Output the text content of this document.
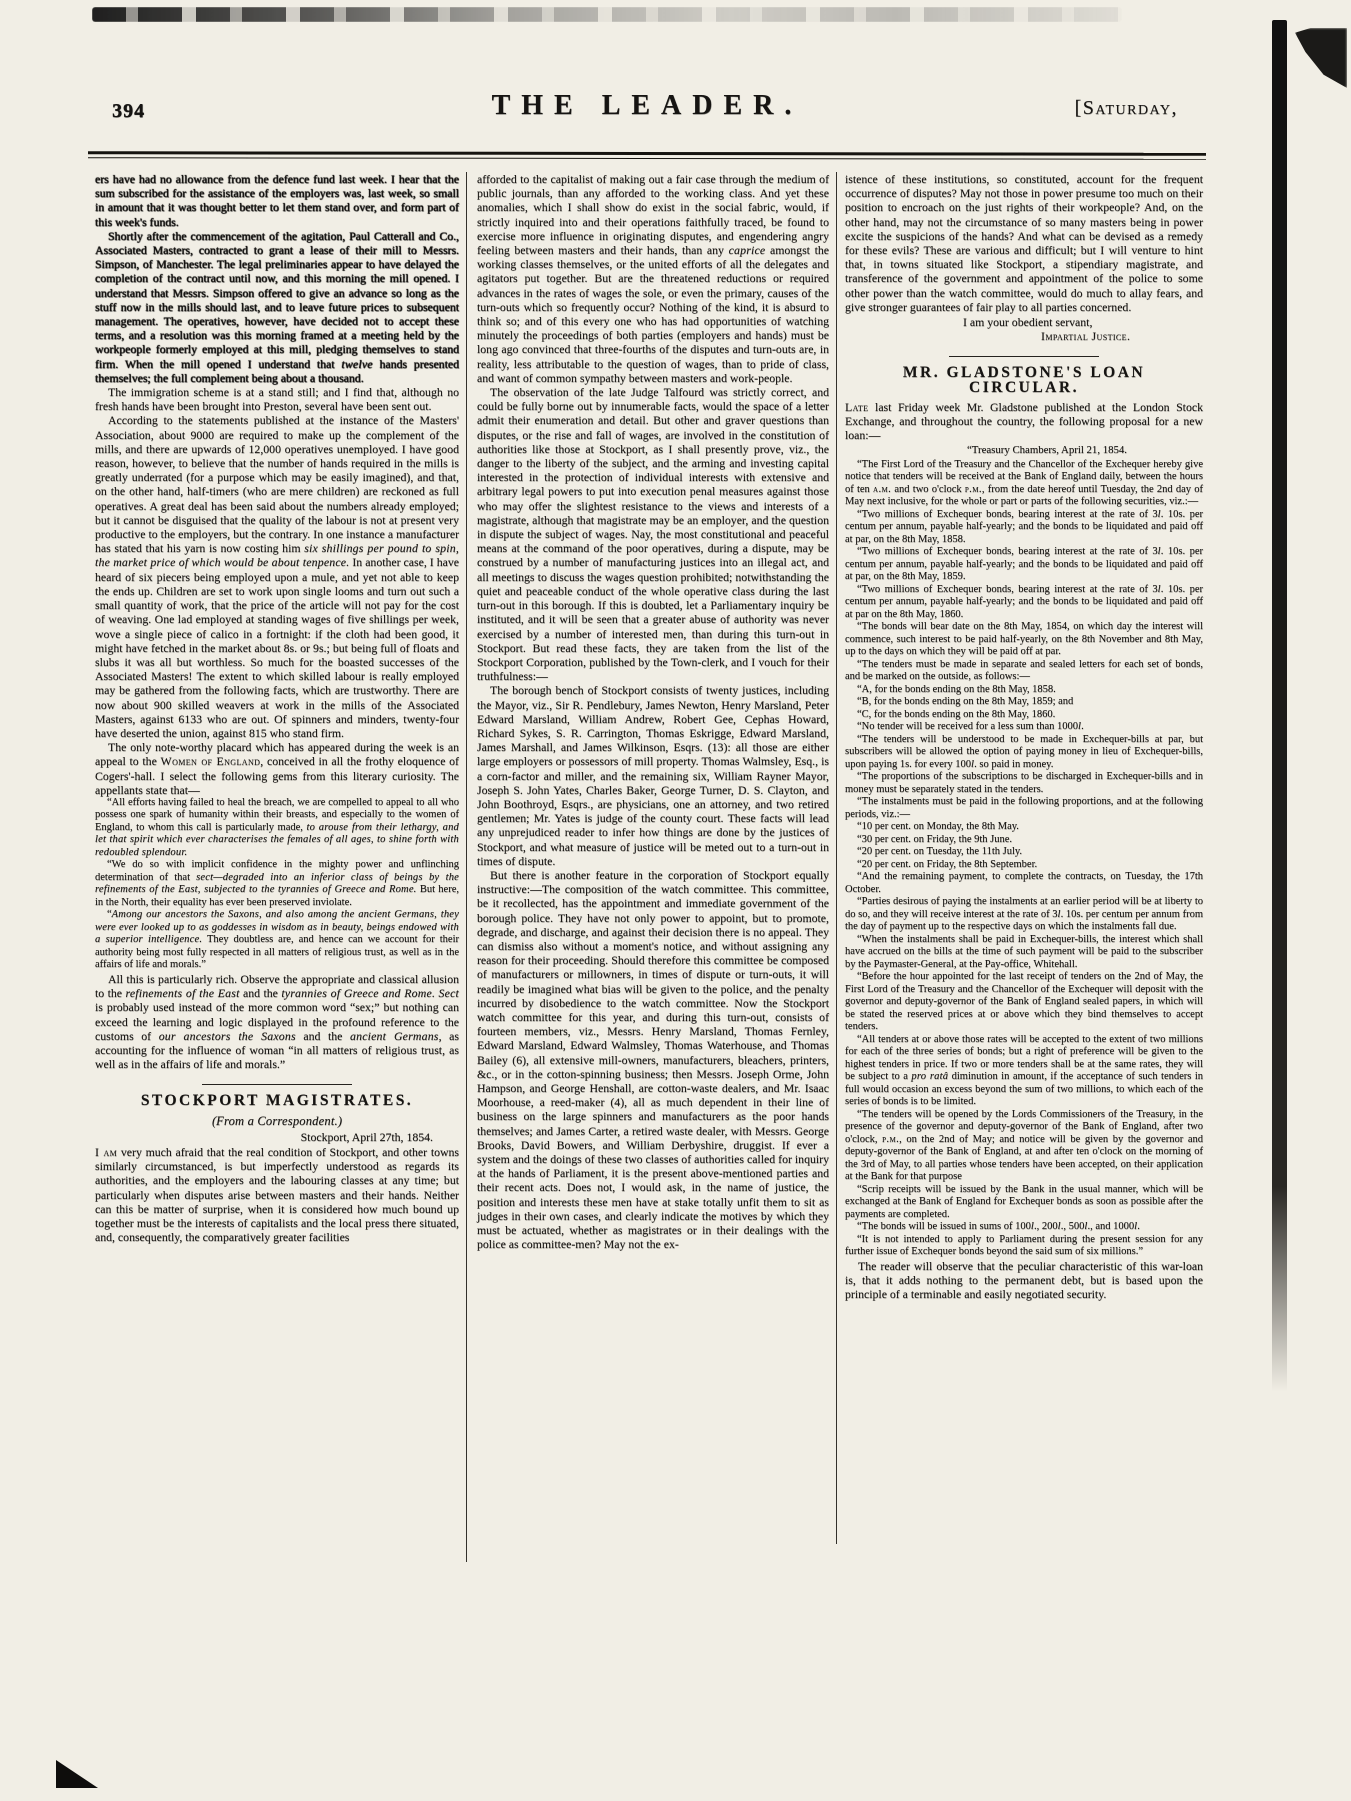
394	THE LEADER.	[Saturday,
ers have had no allowance from the defence fund last week. I hear that the sum subscribed for the assistance of the employers was, last week, so small in amount that it was thought better to let them stand over, and form part of this week's funds.
Shortly after the commencement of the agitation, Paul Catterall and Co., Associated Masters, contracted to grant a lease of their mill to Messrs. Simpson, of Manchester. The legal preliminaries appear to have delayed the completion of the contract until now, and this morning the mill opened. I understand that Messrs. Simpson offered to give an advance so long as the stuff now in the mills should last, and to leave future prices to subsequent management. The operatives, however, have decided not to accept these terms, and a resolution was this morning framed at a meeting held by the workpeople formerly employed at this mill, pledging themselves to stand firm. When the mill opened I understand that twelve hands presented themselves; the full complement being about a thousand.
The immigration scheme is at a stand still; and I find that, although no fresh hands have been brought into Preston, several have been sent out.
According to the statements published at the instance of the Masters' Association, about 9000 are required to make up the complement of the mills, and there are upwards of 12,000 operatives unemployed. I have good reason, however, to believe that the number of hands required in the mills is greatly underrated (for a purpose which may be easily imagined), and that, on the other hand, half-timers (who are mere children) are reckoned as full operatives. A great deal has been said about the numbers already employed; but it cannot be disguised that the quality of the labour is not at present very productive to the employers, but the contrary. In one instance a manufacturer has stated that his yarn is now costing him six shillings per pound to spin, the market price of which would be about tenpence. In another case, I have heard of six piecers being employed upon a mule, and yet not able to keep the ends up. Children are set to work upon single looms and turn out such a small quantity of work, that the price of the article will not pay for the cost of weaving. One lad employed at standing wages of five shillings per week, wove a single piece of calico in a fortnight: if the cloth had been good, it might have fetched in the market about 8s. or 9s.; but being full of floats and slubs it was all but worthless. So much for the boasted successes of the Associated Masters! The extent to which skilled labour is really employed may be gathered from the following facts, which are trustworthy. There are now about 900 skilled weavers at work in the mills of the Associated Masters, against 6133 who are out. Of spinners and minders, twenty-four have deserted the union, against 815 who stand firm.
The only note-worthy placard which has appeared during the week is an appeal to the Women of England, conceived in all the frothy eloquence of Cogers'-hall. I select the following gems from this literary curiosity. The appellants state that—
“All efforts having failed to heal the breach, we are compelled to appeal to all who possess one spark of humanity within their breasts, and especially to the women of England, to whom this call is particularly made, to arouse from their lethargy, and let that spirit which ever characterises the females of all ages, to shine forth with redoubled splendour.
“We do so with implicit confidence in the mighty power and unflinching determination of that sect—degraded into an inferior class of beings by the refinements of the East, subjected to the tyrannies of Greece and Rome. But here, in the North, their equality has ever been preserved inviolate.
“Among our ancestors the Saxons, and also among the ancient Germans, they were ever looked up to as goddesses in wisdom as in beauty, beings endowed with a superior intelligence. They doubtless are, and hence can we account for their authority being most fully respected in all matters of religious trust, as well as in the affairs of life and morals.”
All this is particularly rich. Observe the appropriate and classical allusion to the refinements of the East and the tyrannies of Greece and Rome. Sect is probably used instead of the more common word “sex;” but nothing can exceed the learning and logic displayed in the profound reference to the customs of our ancestors the Saxons and the ancient Germans, as accounting for the influence of woman “in all matters of religious trust, as well as in the affairs of life and morals.”
STOCKPORT MAGISTRATES.
(From a Correspondent.)
Stockport, April 27th, 1854.
I am very much afraid that the real condition of Stockport, and other towns similarly circumstanced, is but imperfectly understood as regards its authorities, and the employers and the labouring classes at any time; but particularly when disputes arise between masters and their hands. Neither can this be matter of surprise, when it is considered how much bound up together must be the interests of capitalists and the local press there situated, and, consequently, the comparatively greater facilities
afforded to the capitalist of making out a fair case through the medium of public journals, than any afforded to the working class. And yet these anomalies, which I shall show do exist in the social fabric, would, if strictly inquired into and their operations faithfully traced, be found to exercise more influence in originating disputes, and engendering angry feeling between masters and their hands, than any caprice amongst the working classes themselves, or the united efforts of all the delegates and agitators put together. But are the threatened reductions or required advances in the rates of wages the sole, or even the primary, causes of the turn-outs which so frequently occur? Nothing of the kind, it is absurd to think so; and of this every one who has had opportunities of watching minutely the proceedings of both parties (employers and hands) must be long ago convinced that three-fourths of the disputes and turn-outs are, in reality, less attributable to the question of wages, than to pride of class, and want of common sympathy between masters and work-people.
The observation of the late Judge Talfourd was strictly correct, and could be fully borne out by innumerable facts, would the space of a letter admit their enumeration and detail. But other and graver questions than disputes, or the rise and fall of wages, are involved in the constitution of authorities like those at Stockport, as I shall presently prove, viz., the danger to the liberty of the subject, and the arming and investing capital interested in the protection of individual interests with extensive and arbitrary legal powers to put into execution penal measures against those who may offer the slightest resistance to the views and interests of a magistrate, although that magistrate may be an employer, and the question in dispute the subject of wages. Nay, the most constitutional and peaceful means at the command of the poor operatives, during a dispute, may be construed by a number of manufacturing justices into an illegal act, and all meetings to discuss the wages question prohibited; notwithstanding the quiet and peaceable conduct of the whole operative class during the last turn-out in this borough. If this is doubted, let a Parliamentary inquiry be instituted, and it will be seen that a greater abuse of authority was never exercised by a number of interested men, than during this turn-out in Stockport. But read these facts, they are taken from the list of the Stockport Corporation, published by the Town-clerk, and I vouch for their truthfulness:—
The borough bench of Stockport consists of twenty justices, including the Mayor, viz., Sir R. Pendlebury, James Newton, Henry Marsland, Peter Edward Marsland, William Andrew, Robert Gee, Cephas Howard, Richard Sykes, S. R. Carrington, Thomas Eskrigge, Edward Marsland, James Marshall, and James Wilkinson, Esqrs. (13): all those are either large employers or possessors of mill property. Thomas Walmsley, Esq., is a corn-factor and miller, and the remaining six, William Rayner Mayor, Joseph S. John Yates, Charles Baker, George Turner, D. S. Clayton, and John Boothroyd, Esqrs., are physicians, one an attorney, and two retired gentlemen; Mr. Yates is judge of the county court. These facts will lead any unprejudiced reader to infer how things are done by the justices of Stockport, and what measure of justice will be meted out to a turn-out in times of dispute.
But there is another feature in the corporation of Stockport equally instructive:—The composition of the watch committee. This committee, be it recollected, has the appointment and immediate government of the borough police. They have not only power to appoint, but to promote, degrade, and discharge, and against their decision there is no appeal. They can dismiss also without a moment's notice, and without assigning any reason for their proceeding. Should therefore this committee be composed of manufacturers or millowners, in times of dispute or turn-outs, it will readily be imagined what bias will be given to the police, and the penalty incurred by disobedience to the watch committee. Now the Stockport watch committee for this year, and during this turn-out, consists of fourteen members, viz., Messrs. Henry Marsland, Thomas Fernley, Edward Marsland, Edward Walmsley, Thomas Waterhouse, and Thomas Bailey (6), all extensive mill-owners, manufacturers, bleachers, printers, &c., or in the cotton-spinning business; then Messrs. Joseph Orme, John Hampson, and George Henshall, are cotton-waste dealers, and Mr. Isaac Moorhouse, a reed-maker (4), all as much dependent in their line of business on the large spinners and manufacturers as the poor hands themselves; and James Carter, a retired waste dealer, with Messrs. George Brooks, David Bowers, and William Derbyshire, druggist. If ever a system and the doings of these two classes of authorities called for inquiry at the hands of Parliament, it is the present above-mentioned parties and their recent acts. Does not, I would ask, in the name of justice, the position and interests these men have at stake totally unfit them to sit as judges in their own cases, and clearly indicate the motives by which they must be actuated, whether as magistrates or in their dealings with the police as committee-men? May not the ex-
istence of these institutions, so constituted, account for the frequent occurrence of disputes? May not those in power presume too much on their position to encroach on the just rights of their workpeople? And, on the other hand, may not the circumstance of so many masters being in power excite the suspicions of the hands? And what can be devised as a remedy for these evils? These are various and difficult; but I will venture to hint that, in towns situated like Stockport, a stipendiary magistrate, and transference of the government and appointment of the police to some other power than the watch committee, would do much to allay fears, and give stronger guarantees of fair play to all parties concerned.
I am your obedient servant,
Impartial Justice.
MR. GLADSTONE'S LOAN CIRCULAR.
Late last Friday week Mr. Gladstone published at the London Stock Exchange, and throughout the country, the following proposal for a new loan:—
“Treasury Chambers, April 21, 1854.
“The First Lord of the Treasury and the Chancellor of the Exchequer hereby give notice that tenders will be received at the Bank of England daily, between the hours of ten a.m. and two o'clock p.m., from the date hereof until Tuesday, the 2nd day of May next inclusive, for the whole or part or parts of the following securities, viz.:—
“Two millions of Exchequer bonds, bearing interest at the rate of 3l. 10s. per centum per annum, payable half-yearly; and the bonds to be liquidated and paid off at par, on the 8th May, 1858.
“Two millions of Exchequer bonds, bearing interest at the rate of 3l. 10s. per centum per annum, payable half-yearly; and the bonds to be liquidated and paid off at par, on the 8th May, 1859.
“Two millions of Exchequer bonds, bearing interest at the rate of 3l. 10s. per centum per annum, payable half-yearly; and the bonds to be liquidated and paid off at par on the 8th May, 1860.
“The bonds will bear date on the 8th May, 1854, on which day the interest will commence, such interest to be paid half-yearly, on the 8th November and 8th May, up to the days on which they will be paid off at par.
“The tenders must be made in separate and sealed letters for each set of bonds, and be marked on the outside, as follows:—
“A, for the bonds ending on the 8th May, 1858.
“B, for the bonds ending on the 8th May, 1859; and
“C, for the bonds ending on the 8th May, 1860.
“No tender will be received for a less sum than 1000l.
“The tenders will be understood to be made in Exchequer-bills at par, but subscribers will be allowed the option of paying money in lieu of Exchequer-bills, upon paying 1s. for every 100l. so paid in money.
“The proportions of the subscriptions to be discharged in Exchequer-bills and in money must be separately stated in the tenders.
“The instalments must be paid in the following proportions, and at the following periods, viz.:—
“10 per cent. on Monday, the 8th May.
“30 per cent. on Friday, the 9th June.
“20 per cent. on Tuesday, the 11th July.
“20 per cent. on Friday, the 8th September.
“And the remaining payment, to complete the contracts, on Tuesday, the 17th October.
“Parties desirous of paying the instalments at an earlier period will be at liberty to do so, and they will receive interest at the rate of 3l. 10s. per centum per annum from the day of payment up to the respective days on which the instalments fall due.
“When the instalments shall be paid in Exchequer-bills, the interest which shall have accrued on the bills at the time of such payment will be paid to the subscriber by the Paymaster-General, at the Pay-office, Whitehall.
“Before the hour appointed for the last receipt of tenders on the 2nd of May, the First Lord of the Treasury and the Chancellor of the Exchequer will deposit with the governor and deputy-governor of the Bank of England sealed papers, in which will be stated the reserved prices at or above which they bind themselves to accept tenders.
“All tenders at or above those rates will be accepted to the extent of two millions for each of the three series of bonds; but a right of preference will be given to the highest tenders in price. If two or more tenders shall be at the same rates, they will be subject to a pro ratâ diminution in amount, if the acceptance of such tenders in full would occasion an excess beyond the sum of two millions, to which each of the series of bonds is to be limited.
“The tenders will be opened by the Lords Commissioners of the Treasury, in the presence of the governor and deputy-governor of the Bank of England, after two o'clock, p.m., on the 2nd of May; and notice will be given by the governor and deputy-governor of the Bank of England, at and after ten o'clock on the morning of the 3rd of May, to all parties whose tenders have been accepted, on their application at the Bank for that purpose
“Scrip receipts will be issued by the Bank in the usual manner, which will be exchanged at the Bank of England for Exchequer bonds as soon as possible after the payments are completed.
“The bonds will be issued in sums of 100l., 200l., 500l., and 1000l.
“It is not intended to apply to Parliament during the present session for any further issue of Exchequer bonds beyond the said sum of six millions.”
The reader will observe that the peculiar characteristic of this war-loan is, that it adds nothing to the permanent debt, but is based upon the principle of a terminable and easily negotiated security.
